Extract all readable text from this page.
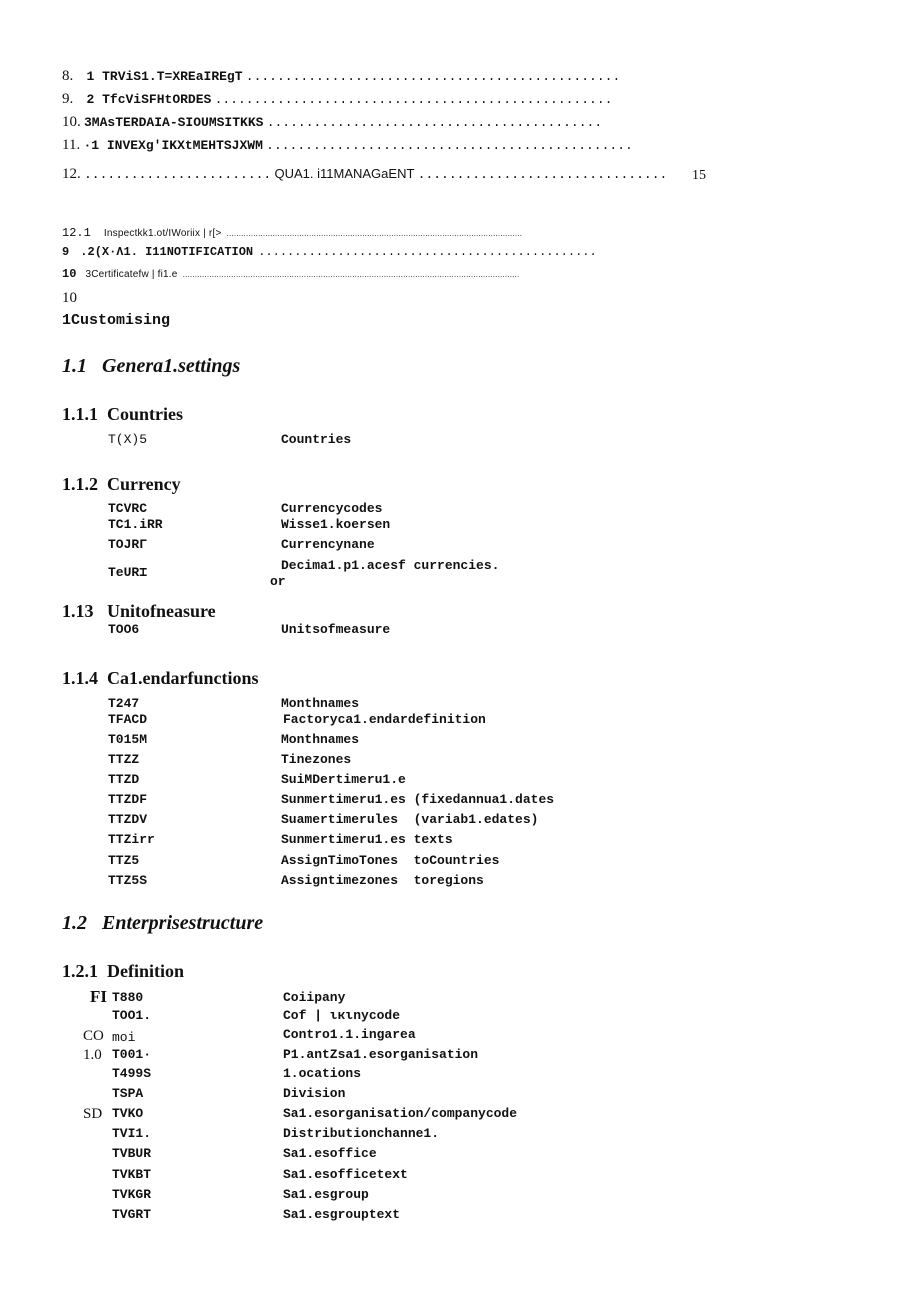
8. 1 TRViS1.T=XREaIREgT ................................................
9. 2 TfcViSFHtORDES ...................................................
10. 3MAsTERDAIA-SIOUMSITKKS ...........................................
11. ·1 INVEXg'IKXtMEHTSJXWM ...............................................
12. ........................ QUA1. i11MANAGaENT ................................ 15
12.1 Inspectkk1.ot/IWoriix | r[> ..........................................................................................................................
9 .2(X·Λ1. I11NOTIFICATION ...............................................
10 3Certificatefw | fi1.e ...........................................................................................................................................
10
1Customising
1.1   Genera1.settings
1.1.1  Countries
T(X)5	Countries
1.1.2  Currency
TCVRC	Currencycodes
TC1.iRR	Wisse1.koersen
TOJRΓ	Currencynane
TeUR⌶	Decima1.p1.acesf currencies.
or
1.13   Unitofneasure
TOO6	Unitsofmeasure
1.1.4  Ca1.endarfunctions
T247	Monthnames
TFACD	Factoryca1.endardefinition
T015M	Monthnames
TTZZ	Tinezones
TTZD	SuiMDertimeru1.e
TTZDF	Sunmertimeru1.es (fixedannua1.dates
TTZDV	Suamertimerules  (variab1.edates)
TTZirr	Sunmertimeru1.es texts
TTZ5	AssignTimoTones  toCountries
TTZ5S	Assigntimezones  toregions
1.2   Enterprisestructure
1.2.1  Definition
FI T880	Coiipany
TOO1.	Cof | ιкιnycode
CO moi	Contro1.1.ingarea
1.0 T001·	P1.antZsa1.esorganisation
T499S	1.ocations
TSPA	Division
SD TVKO	Sa1.esorganisation/companycode
TVI1.	Distributionchanne1.
TVBUR	Sa1.esoffice
TVKBT	Sa1.esofficetext
TVKGR	Sa1.esgroup
TVGRT	Sa1.esgrouptext
